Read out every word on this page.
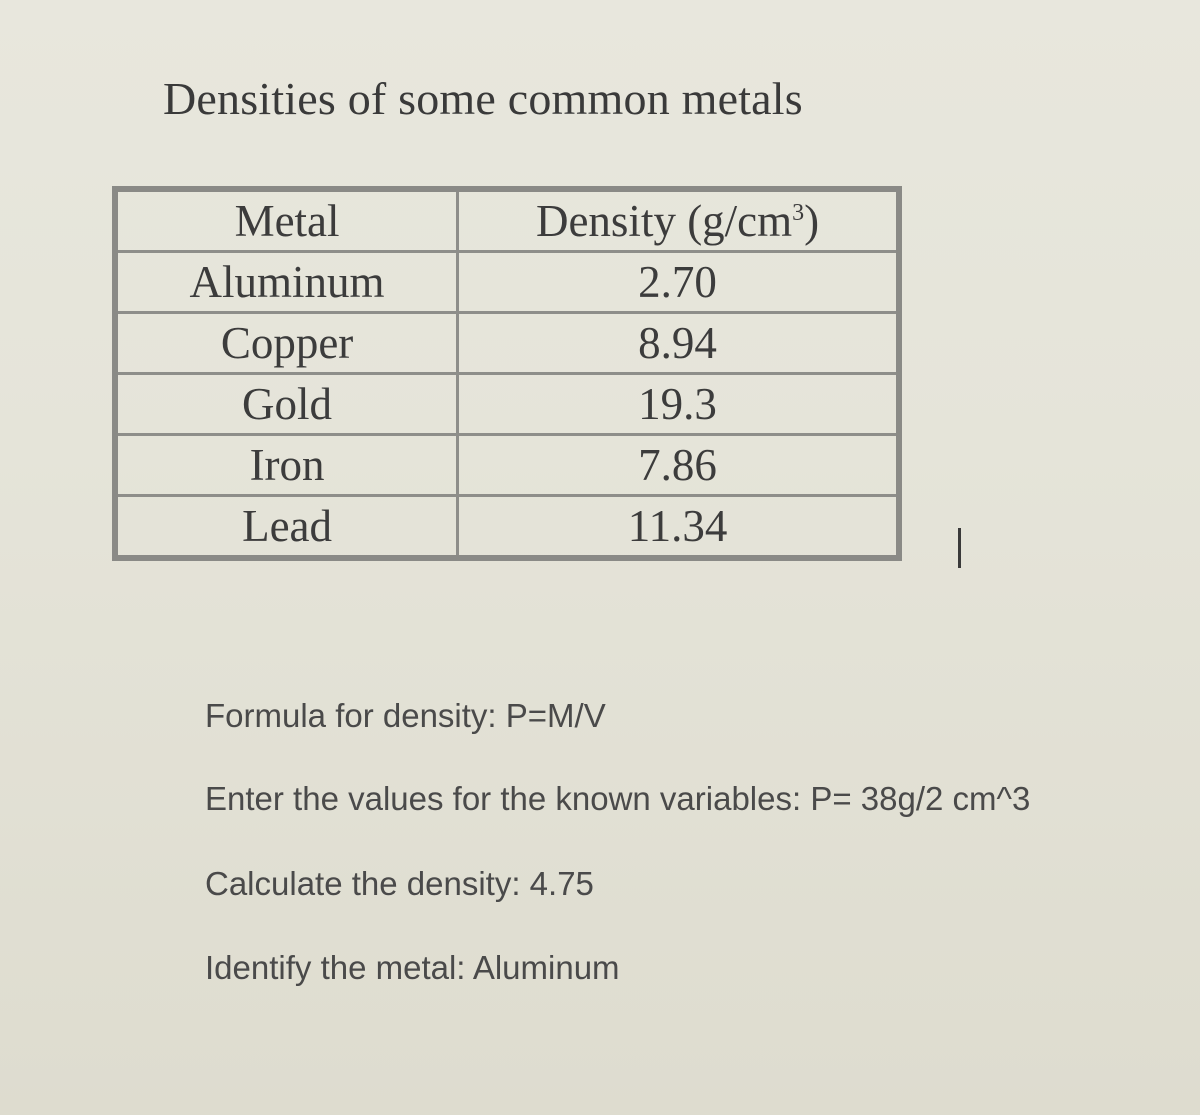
Densities of some common metals
Metal	Density $(g/cm^3)$
Aluminum	2.70
Copper	8.94
Gold	19.3
Iron	7.86
Lead	11.34
Formula for density: P=M/V
Enter the values for the known variables: P= 38g/2 cm^3
Calculate the density: 4.75
Identify the metal: Aluminum
